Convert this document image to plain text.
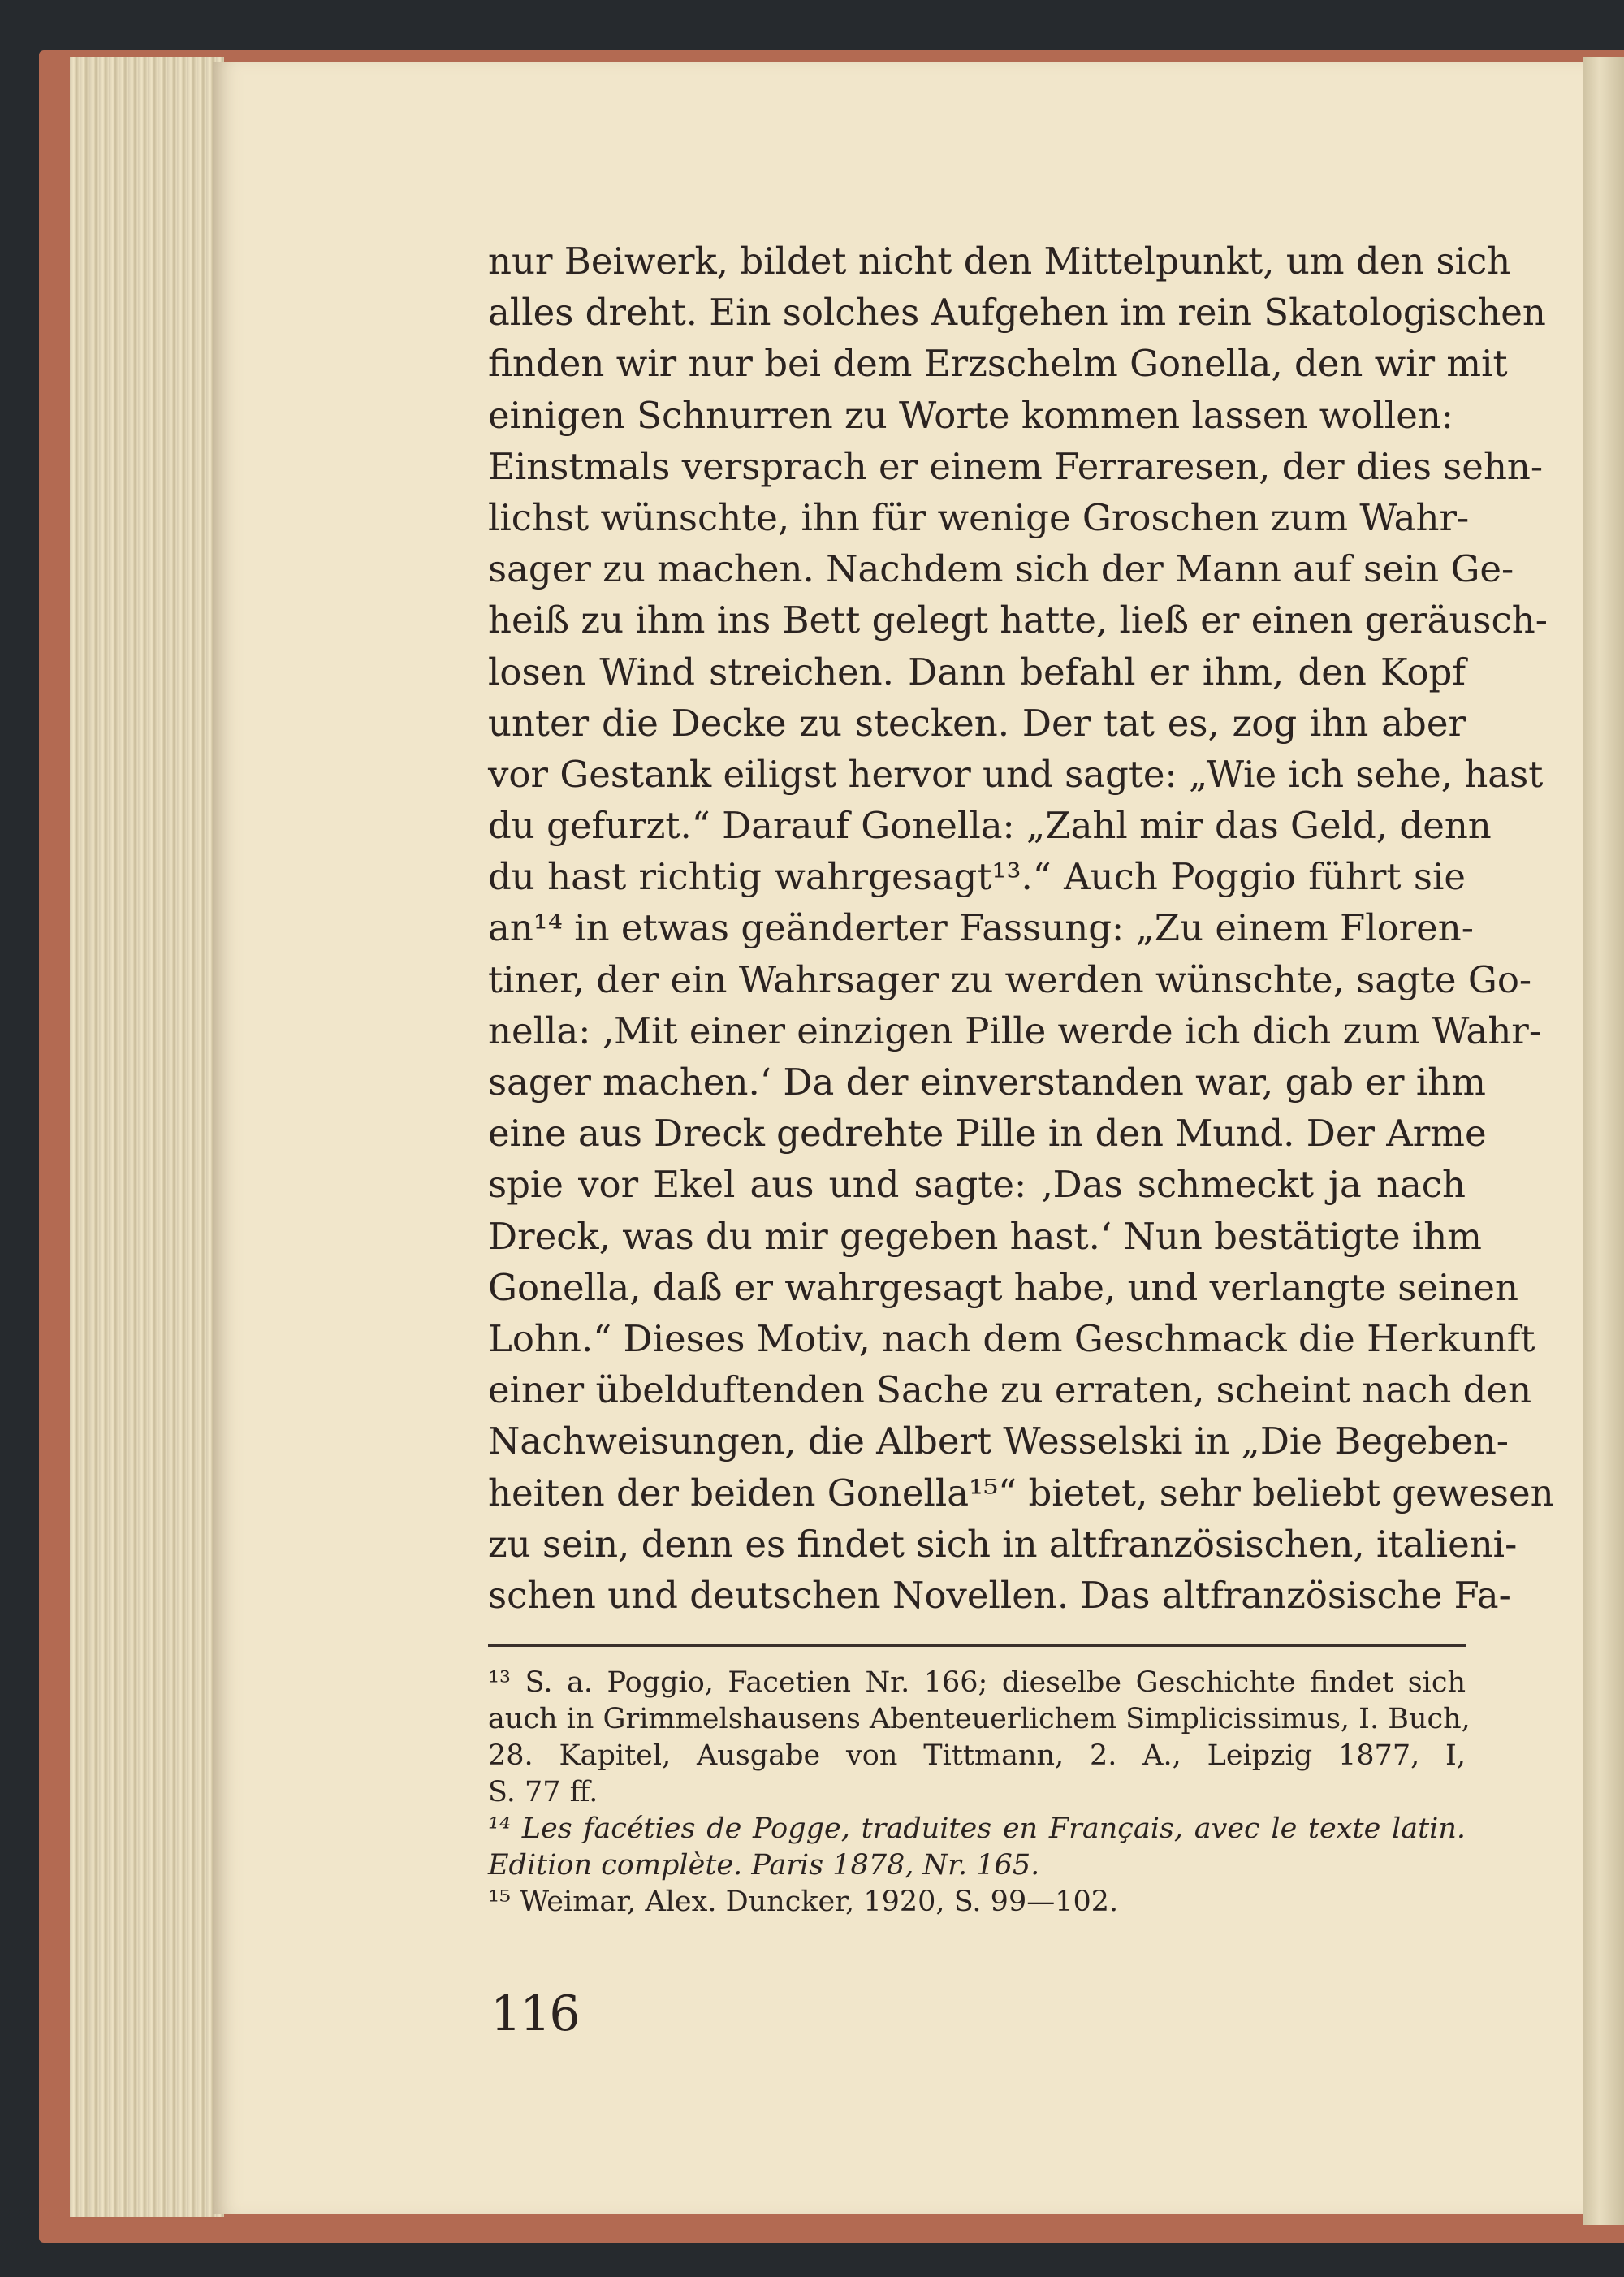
nur Beiwerk, bildet nicht den Mittelpunkt, um den sich
alles dreht. Ein solches Aufgehen im rein Skatologischen
finden wir nur bei dem Erzschelm Gonella, den wir mit
einigen Schnurren zu Worte kommen lassen wollen:
Einstmals versprach er einem Ferraresen, der dies sehn-
lichst wünschte, ihn für wenige Groschen zum Wahr-
sager zu machen. Nachdem sich der Mann auf sein Ge-
heiß zu ihm ins Bett gelegt hatte, ließ er einen geräusch-
losen Wind streichen. Dann befahl er ihm, den Kopf
unter die Decke zu stecken. Der tat es, zog ihn aber
vor Gestank eiligst hervor und sagte: „Wie ich sehe, hast
du gefurzt.“ Darauf Gonella: „Zahl mir das Geld, denn
du hast richtig wahrgesagt¹³.“ Auch Poggio führt sie
an¹⁴ in etwas geänderter Fassung: „Zu einem Floren-
tiner, der ein Wahrsager zu werden wünschte, sagte Go-
nella: ‚Mit einer einzigen Pille werde ich dich zum Wahr-
sager machen.‘ Da der einverstanden war, gab er ihm
eine aus Dreck gedrehte Pille in den Mund. Der Arme
spie vor Ekel aus und sagte: ‚Das schmeckt ja nach
Dreck, was du mir gegeben hast.‘ Nun bestätigte ihm
Gonella, daß er wahrgesagt habe, und verlangte seinen
Lohn.“ Dieses Motiv, nach dem Geschmack die Herkunft
einer übelduftenden Sache zu erraten, scheint nach den
Nachweisungen, die Albert Wesselski in „Die Begeben-
heiten der beiden Gonella¹⁵“ bietet, sehr beliebt gewesen
zu sein, denn es findet sich in altfranzösischen, italieni-
schen und deutschen Novellen. Das altfranzösische Fa-
¹³ S. a. Poggio, Facetien Nr. 166; dieselbe Geschichte findet sich
auch in Grimmelshausens Abenteuerlichem Simplicissimus, I. Buch,
28. Kapitel, Ausgabe von Tittmann, 2. A., Leipzig 1877, I,
S. 77 ff.
¹⁴ Les facéties de Pogge, traduites en Français, avec le texte latin.
Edition complète. Paris 1878, Nr. 165.
¹⁵ Weimar, Alex. Duncker, 1920, S. 99—102.
116
